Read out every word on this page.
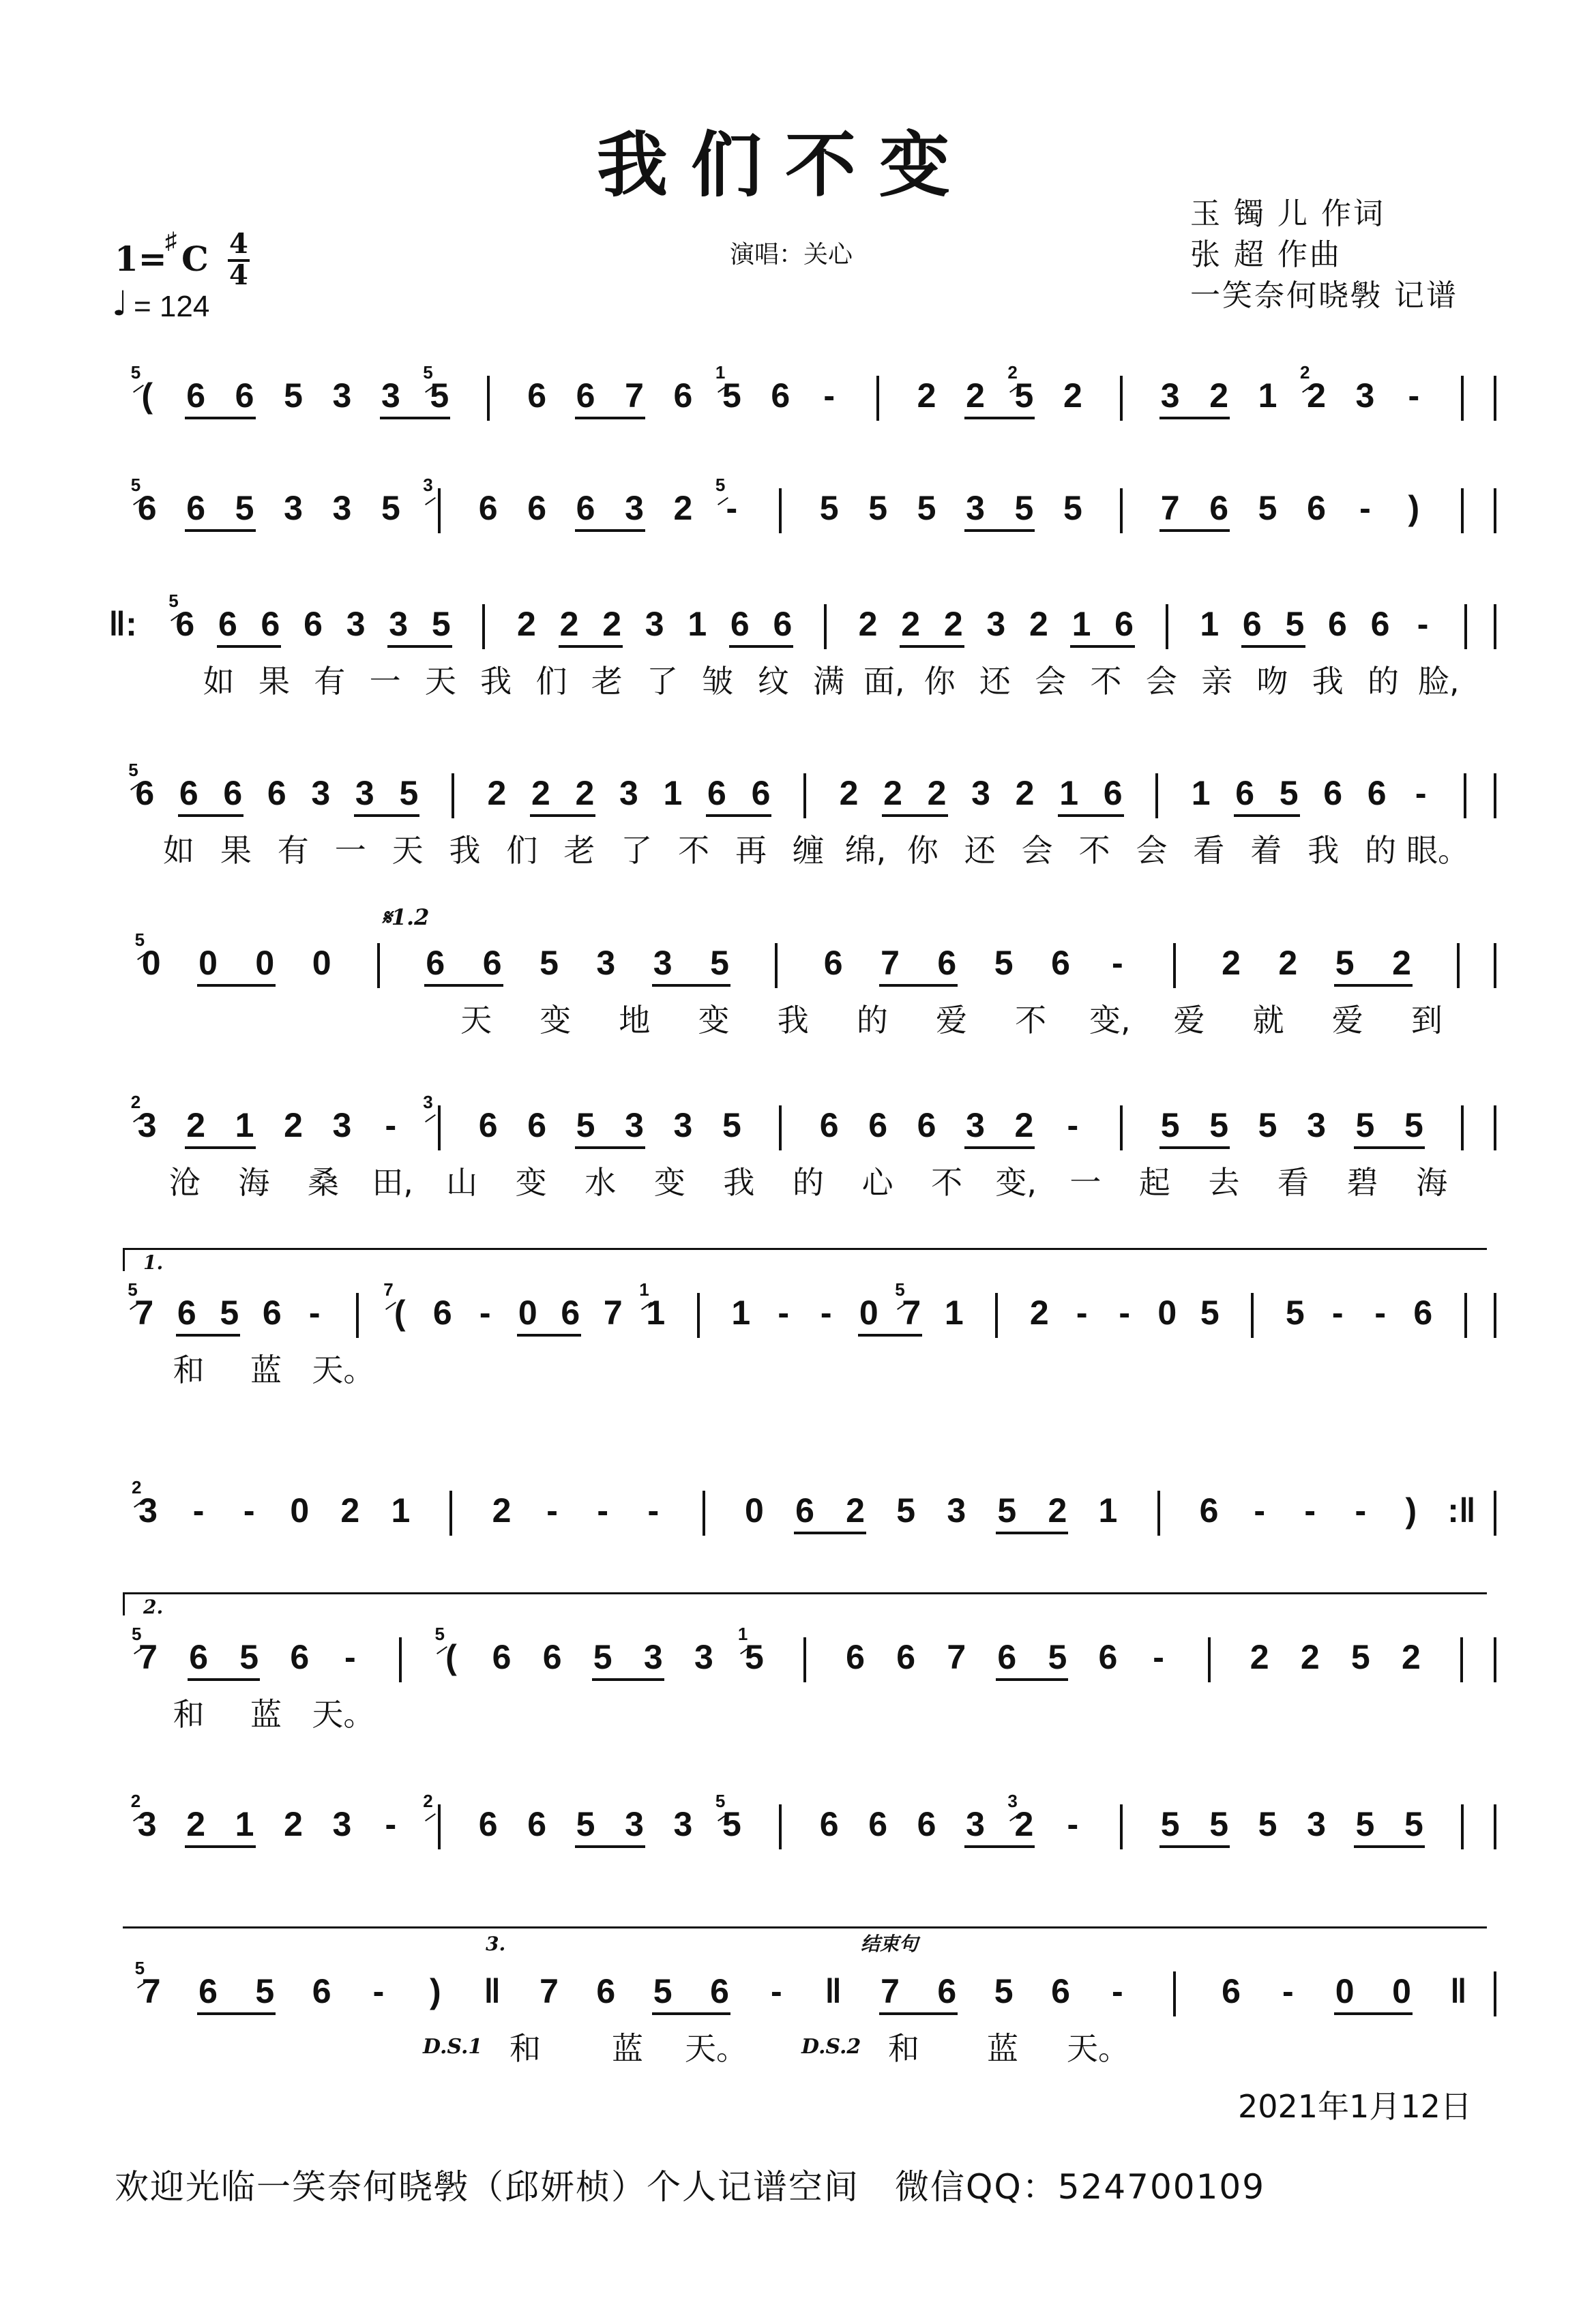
我们不变
玉 镯 儿 作词
张 超 作曲
一笑奈何晓斅 记谱
1=
♯ C 4
4
♩ = 124
演唱：关心
( 6 6 5 3 3 5 6 6 7 6 5 6 - 2 2 5 2 3 2 1 2 3 -
5	5	1	2	2
6 6 5 3 3 5 6 6 6 3 2 - 5 5 5 3 5 5 7 6 5 6 - )
5	3	5
‖: 6 6 6 6 3 3 5 2 2 2 3 1 6 6 2 2 2 3 2 1 6 1 6 5 6 6 -
5
如 果 有 一 天 我 们 老 了 皱 纹 满 面, 你 还 会 不 会 亲 吻 我 的 脸,
6 6 6 6 3 3 5 2 2 2 3 1 6 6 2 2 2 3 2 1 6 1 6 5 6 6 -
5
如 果 有 一 天 我 们 老 了 不 再 缠 绵, 你 还 会 不 会 看 着 我 的 眼。
𝄋1.2
0 0 0 0	6 6 5 3 3 5	6 7 6 5 6 -	2 2 5 2
5
天 变 地 变 我 的 爱 不 变, 爱 就 爱 到
3 2 1 2 3 - 6 6 5 3 3 5 6 6 6 3 2 - 5 5 5 3 5 5
2	3
沧 海 桑 田, 山 变 水 变 我 的 心 不 变, 一 起 去 看 碧 海
1.
7 6 5 6 - ( 6 - 0 6 7 1 1 - - 0 7 1 2 - - 0 5 5 - - 6
5	7	1	5
和 蓝 天。
3 - - 0 2 1 2 - - -	0 6 2 5 3 5 2 1 6 - - - ) :‖
2
2.
7 6 5 6 -	( 6 6 5 3 3 5 6 6 7 6 5 6 -	2 2 5 2
5	5	1
和 蓝 天。
3 2 1 2 3 - 6 6 5 3 3 5 6 6 6 3 2 - 5 5 5 3 5 5
2	2	5	3
3.	结束句
7 6 5 6 - ) ‖ 7 6 5 6 - ‖ 7 6 5 6 -	6 - 0 0 ‖
5
D.S.1	D.S.2
和 蓝 天。	和 蓝 天。
2021年1月12日
欢迎光临一笑奈何晓斅（邱妍桢）个人记谱空间　微信QQ：524700109
